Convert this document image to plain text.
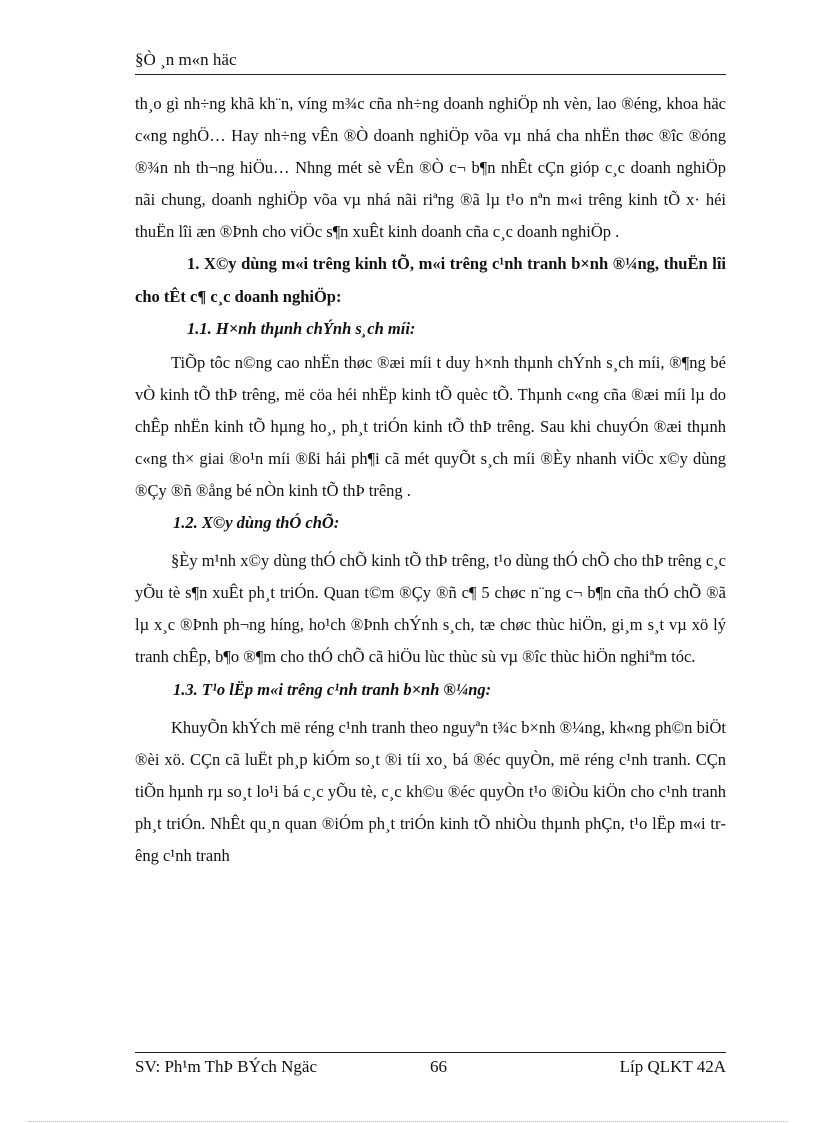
§Ò ¸n m«n häc

th¸o gì nh÷ng khã kh¨n, víng m¾c cña nh÷ng doanh nghiÖp nh vèn, lao ®éng, khoa häc c«ng nghÖ… Hay nh÷ng vÊn ®Ò doanh nghiÖp võa vµ nhá cha nhËn thøc ®îc ®óng ®¾n nh th¬ng hiÖu… Nhng mét sè vÊn ®Ò c¬ b¶n nhÊt cÇn gióp c¸c doanh nghiÖp nãi chung, doanh nghiÖp võa vµ nhá nãi riªng ®ã lµ t¹o nªn m«i trêng kinh tÕ x· héi thuËn lîi æn ®Þnh cho viÖc s¶n xuÊt kinh doanh cña c¸c doanh nghiÖp .

1. X©y dùng m«i trêng kinh tÕ, m«i trêng c¹nh tranh b×nh ®¼ng, thuËn lîi cho tÊt c¶ c¸c doanh nghiÖp:

1.1. H×nh thµnh chÝnh s¸ch míi:

TiÕp tôc n©ng cao nhËn thøc ®æi míi t duy h×nh thµnh chÝnh s¸ch míi, ®¶ng bé vÒ kinh tÕ thÞ trêng, më cöa héi nhËp kinh tÕ quèc tÕ. Thµnh c«ng cña ®æi míi lµ do chÊp nhËn kinh tÕ hµng ho¸, ph¸t triÓn kinh tÕ thÞ trêng. Sau khi chuyÓn ®æi thµnh c«ng th× giai ®o¹n míi ®ßi hái ph¶i cã mét quyÕt s¸ch míi ®Èy nhanh viÖc x©y dùng ®Çy ®ñ ®ång bé nÒn kinh tÕ thÞ trêng .

1.2. X©y dùng thÓ chÕ:

§Èy m¹nh x©y dùng thÓ chÕ kinh tÕ thÞ trêng, t¹o dùng thÓ chÕ cho thÞ trêng c¸c yÕu tè s¶n xuÊt ph¸t triÓn. Quan t©m ®Çy ®ñ c¶ 5 chøc n¨ng c¬ b¶n cña thÓ chÕ ®ã lµ x¸c ®Þnh ph¬ng híng, ho¹ch ®Þnh chÝnh s¸ch, tæ chøc thùc hiÖn, gi¸m s¸t vµ xö lý tranh chÊp, b¶o ®¶m cho thÓ chÕ cã hiÖu lùc thùc sù vµ ®îc thùc hiÖn nghiªm tóc.

1.3. T¹o lËp m«i trêng c¹nh tranh b×nh ®¼ng:

KhuyÕn khÝch më réng c¹nh tranh theo nguyªn t¾c b×nh ®¼ng, kh«ng ph©n biÖt ®èi xö. CÇn cã luËt ph¸p kiÓm so¸t ®i tíi xo¸ bá ®éc quyÒn, më réng c¹nh tranh. CÇn tiÕn hµnh rµ so¸t lo¹i bá c¸c yÕu tè, c¸c kh©u ®éc quyÒn t¹o ®iÒu kiÖn cho c¹nh tranh ph¸t triÓn. NhÊt qu¸n quan ®iÓm ph¸t triÓn kinh tÕ nhiÒu thµnh phÇn, t¹o lËp m«i trêng c¹nh tranh

SV: Ph¹m ThÞ BÝch Ngäc	66	Líp QLKT 42A
